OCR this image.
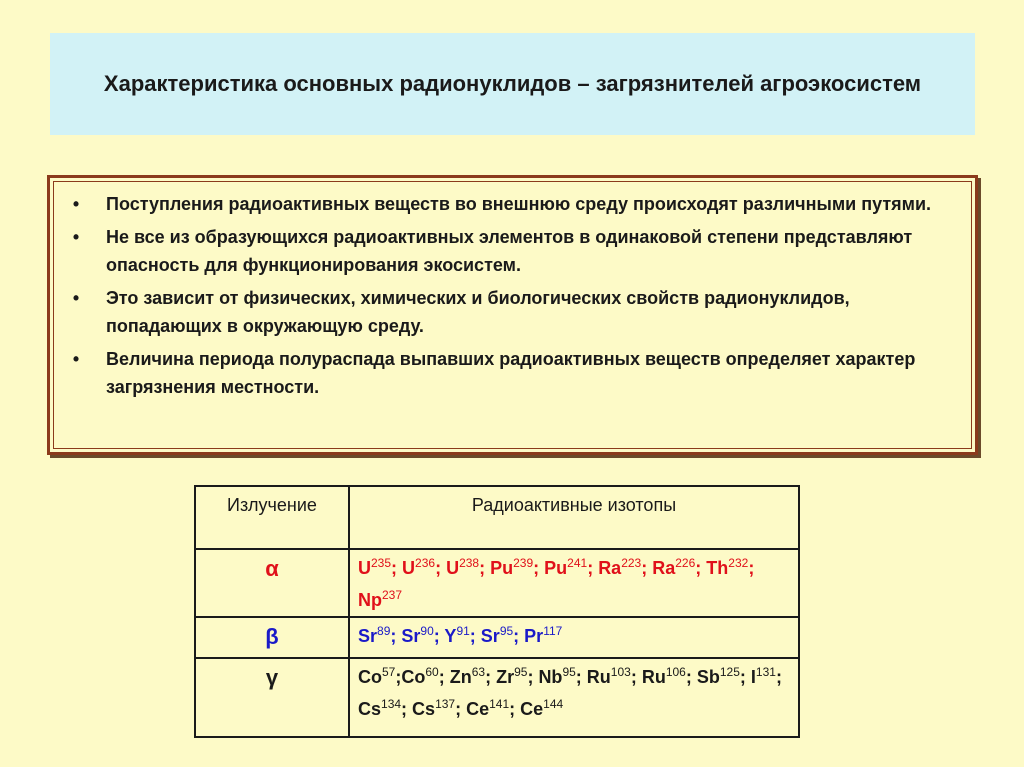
Характеристика основных радионуклидов – загрязнителей агроэкосистем
•	Поступления радиоактивных веществ во внешнюю среду происходят различными путями.
•	Не все из образующихся радиоактивных элементов в одинаковой степени представляют опасность для функционирования экосистем.
•	Это зависит от физических, химических и биологических свойств радионуклидов, попадающих в окружающую среду.
•	Величина периода полураспада выпавших радиоактивных веществ определяет характер загрязнения местности.
Излучение	Радиоактивные изотопы
α	$U^{235}$; $U^{236}$; $U^{238}$; Pu$^{239}$; Pu$^{241}$; Ra$^{223}$; Ra$^{226}$; Th$^{232}$; Np$^{237}$
β	Sr$^{89}$; Sr$^{90}$; $Y^{91}$; Sr$^{95}$; Pr$^{117}$
γ	Co$^{57}$;Co$^{60}$; Zn$^{63}$; Zr$^{95}$; Nb$^{95}$; Ru$^{103}$; Ru$^{106}$; Sb$^{125}$; $I^{131}$; Cs$^{134}$; Cs$^{137}$; Ce$^{141}$; Ce$^{144}$
